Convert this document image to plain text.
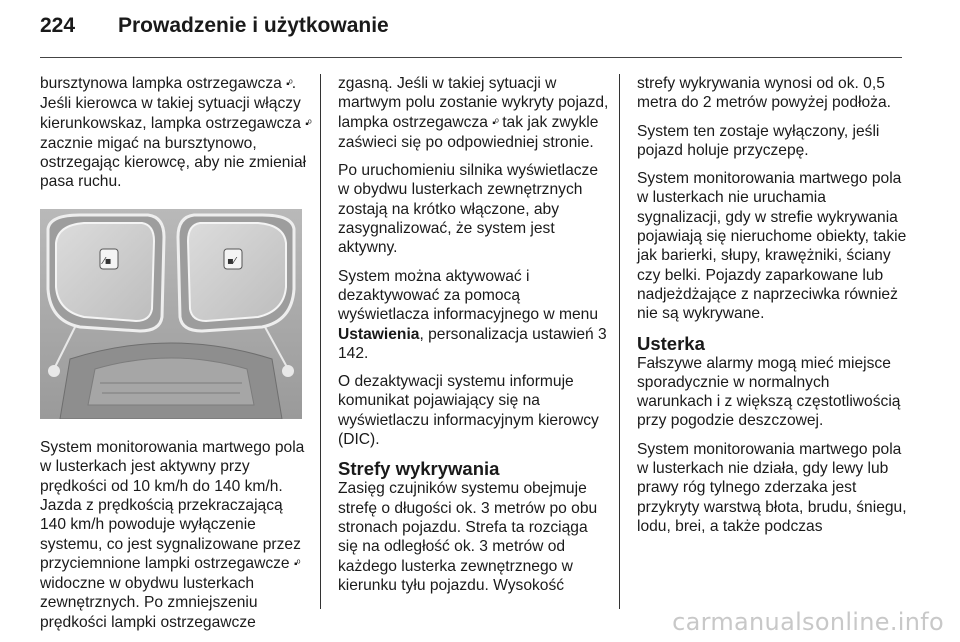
224 Prowadzenie i użytkowanie

bursztynowa lampka ostrzegawcza ▪⁰. Jeśli kierowca w takiej sytuacji włączy kierunkowskaz, lampka ostrzegawcza ▪⁰ zacznie migać na bursztynowo, ostrzegając kierowcę, aby nie zmieniał pasa ruchu.

⁄▪	▪⁄

System monitorowania martwego pola w lusterkach jest aktywny przy prędkości od 10 km/h do 140 km/h. Jazda z prędkością przekraczającą 140 km/h powoduje wyłączenie systemu, co jest sygnalizowane przez przyciemnione lampki ostrzegawcze ▪⁰ widoczne w obydwu lusterkach zewnętrznych. Po zmniejszeniu prędkości lampki ostrzegawcze

zgasną. Jeśli w takiej sytuacji w martwym polu zostanie wykryty pojazd, lampka ostrzegawcza ▪⁰ tak jak zwykle zaświeci się po odpowiedniej stronie.

Po uruchomieniu silnika wyświetlacze w obydwu lusterkach zewnętrznych zostają na krótko włączone, aby zasygnalizować, że system jest aktywny.

System można aktywować i dezaktywować za pomocą wyświetlacza informacyjnego w menu Ustawienia, personalizacja ustawień 3 142.

O dezaktywacji systemu informuje komunikat pojawiający się na wyświetlaczu informacyjnym kierowcy (DIC).

Strefy wykrywania

Zasięg czujników systemu obejmuje strefę o długości ok. 3 metrów po obu stronach pojazdu. Strefa ta rozciąga się na odległość ok. 3 metrów od każdego lusterka zewnętrznego w kierunku tyłu pojazdu. Wysokość

strefy wykrywania wynosi od ok. 0,5 metra do 2 metrów powyżej podłoża.

System ten zostaje wyłączony, jeśli pojazd holuje przyczepę.

System monitorowania martwego pola w lusterkach nie uruchamia sygnalizacji, gdy w strefie wykrywania pojawiają się nieruchome obiekty, takie jak barierki, słupy, krawężniki, ściany czy belki. Pojazdy zaparkowane lub nadjeżdżające z naprzeciwka również nie są wykrywane.

Usterka

Fałszywe alarmy mogą mieć miejsce sporadycznie w normalnych warunkach i z większą częstotliwością przy pogodzie deszczowej.

System monitorowania martwego pola w lusterkach nie działa, gdy lewy lub prawy róg tylnego zderzaka jest przykryty warstwą błota, brudu, śniegu, lodu, brei, a także podczas

carmanualsonline.info
